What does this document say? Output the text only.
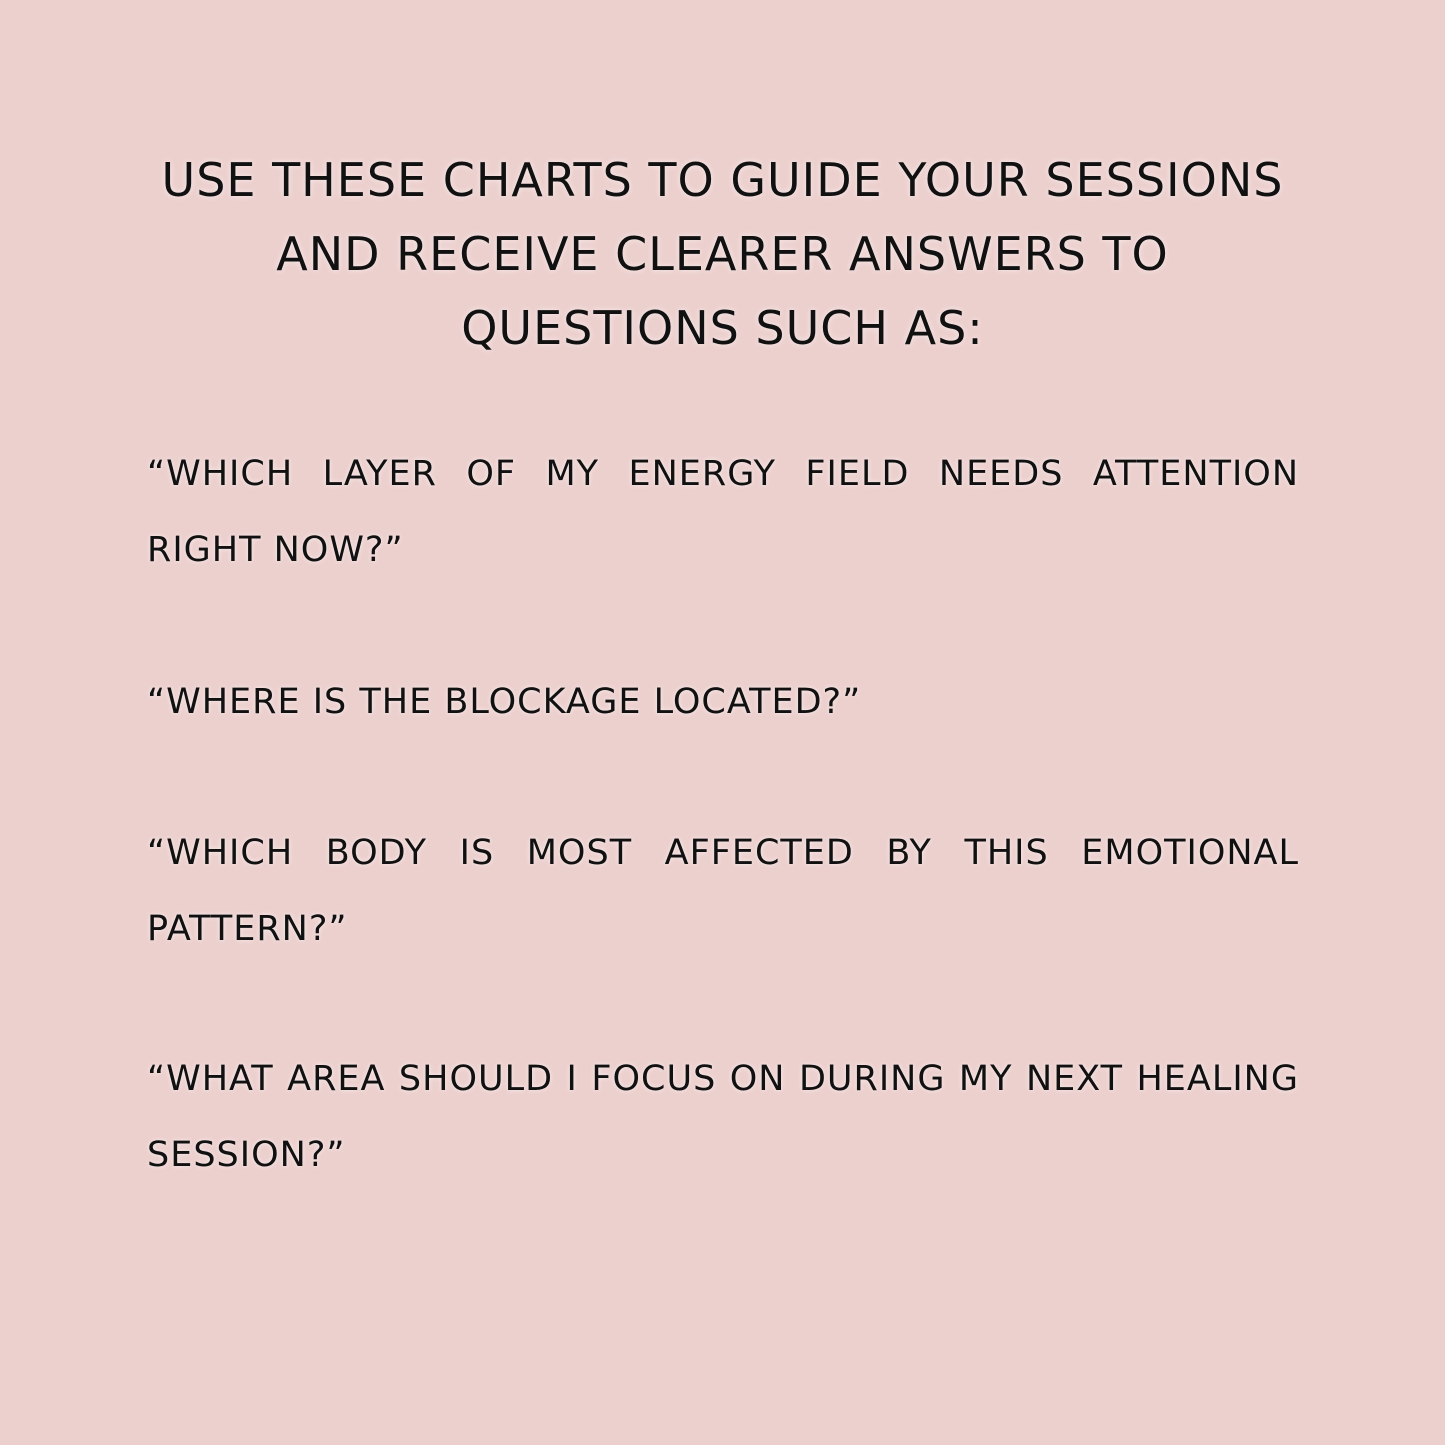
USE THESE CHARTS TO GUIDE YOUR SESSIONS AND RECEIVE CLEARER ANSWERS TO QUESTIONS SUCH AS:

“WHICH LAYER OF MY ENERGY FIELD NEEDS ATTENTION RIGHT NOW?”

“WHERE IS THE BLOCKAGE LOCATED?”

“WHICH BODY IS MOST AFFECTED BY THIS EMOTIONAL PATTERN?”

“WHAT AREA SHOULD I FOCUS ON DURING MY NEXT HEALING SESSION?”
